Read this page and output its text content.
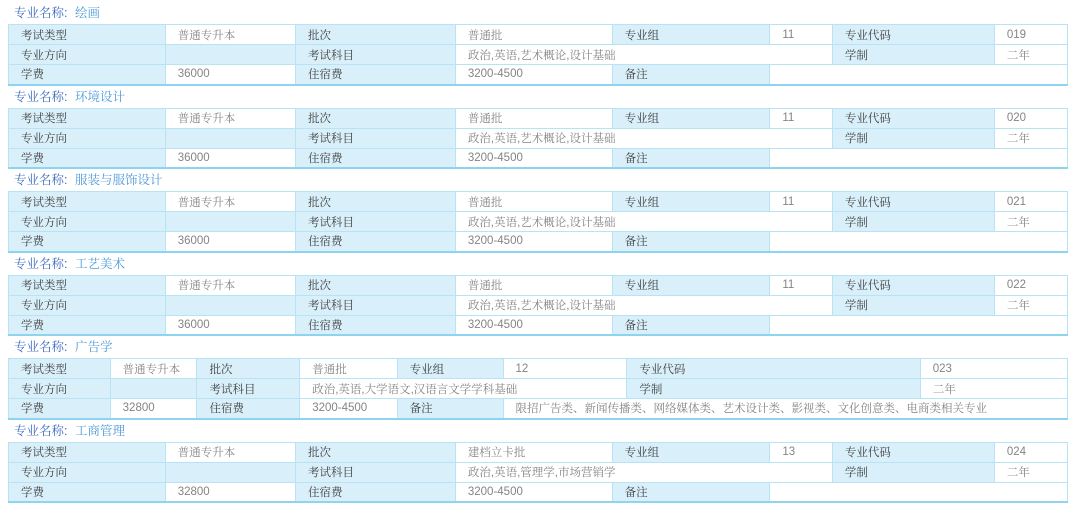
专业名称: 绘画
考试类型	普通专升本	批次	普通批	专业组	11	专业代码	019
专业方向		考试科目	政治,英语,艺术概论,设计基础			学制	二年
学费	36000	住宿费	3200-4500	备注			
专业名称: 环境设计
考试类型	普通专升本	批次	普通批	专业组	11	专业代码	020
专业方向		考试科目	政治,英语,艺术概论,设计基础			学制	二年
学费	36000	住宿费	3200-4500	备注			
专业名称: 服装与服饰设计
考试类型	普通专升本	批次	普通批	专业组	11	专业代码	021
专业方向		考试科目	政治,英语,艺术概论,设计基础			学制	二年
学费	36000	住宿费	3200-4500	备注			
专业名称: 工艺美术
考试类型	普通专升本	批次	普通批	专业组	11	专业代码	022
专业方向		考试科目	政治,英语,艺术概论,设计基础			学制	二年
学费	36000	住宿费	3200-4500	备注			
专业名称: 广告学
考试类型	普通专升本	批次	普通批	专业组	12	专业代码	023
专业方向		考试科目	政治,英语,大学语文,汉语言文学学科基础			学制	二年
学费	32800	住宿费	3200-4500	备注	限招广告类、新闻传播类、网络媒体类、艺术设计类、影视类、文化创意类、电商类相关专业		
专业名称: 工商管理
考试类型	普通专升本	批次	建档立卡批	专业组	13	专业代码	024
专业方向		考试科目	政治,英语,管理学,市场营销学			学制	二年
学费	32800	住宿费	3200-4500	备注			
